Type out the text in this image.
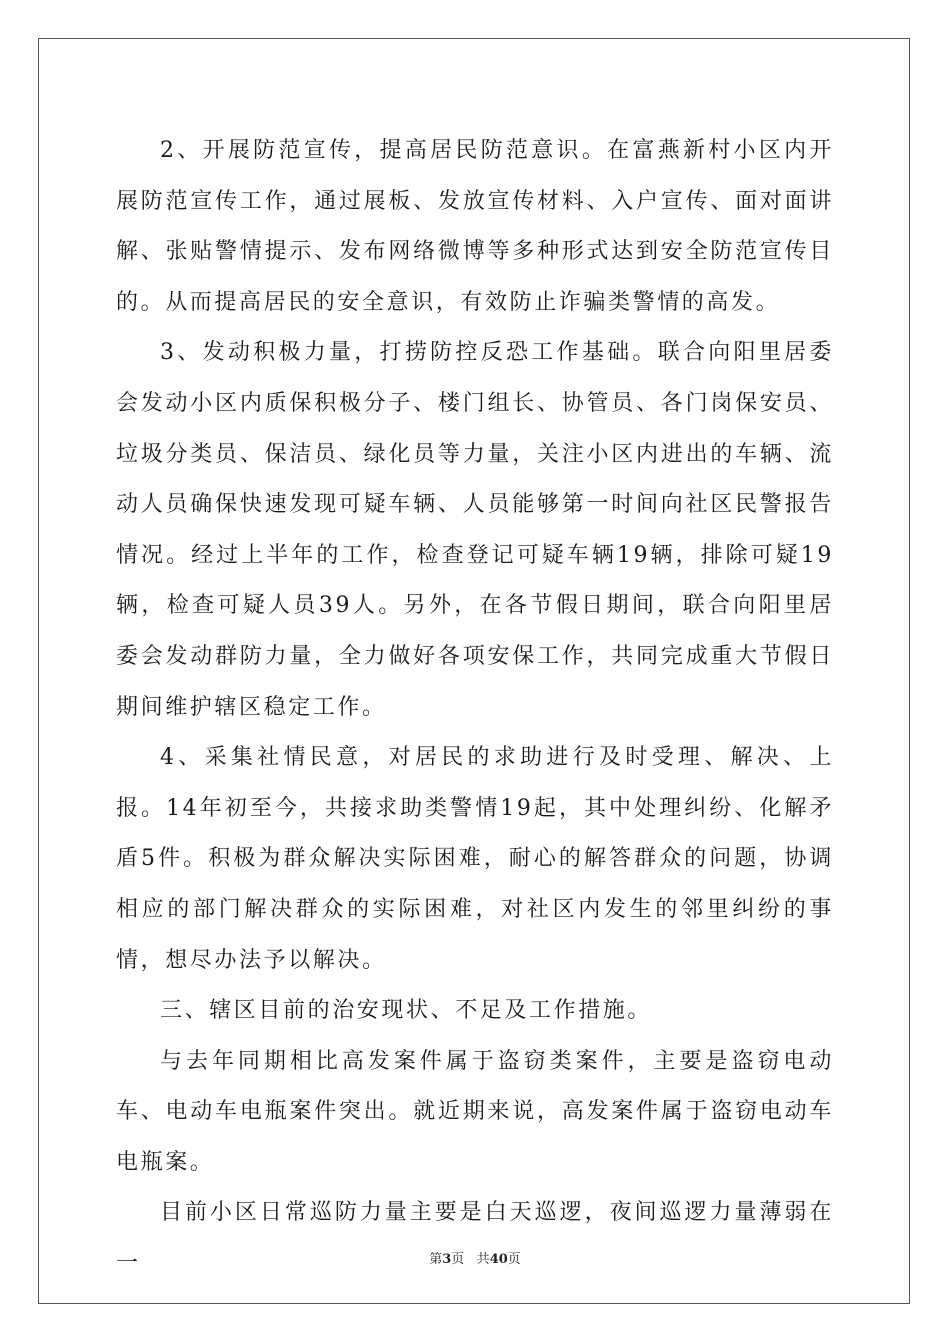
2、开展防范宣传，提高居民防范意识。在富燕新村小区内开展防范宣传工作，通过展板、发放宣传材料、入户宣传、面对面讲解、张贴警情提示、发布网络微博等多种形式达到安全防范宣传目的。从而提高居民的安全意识，有效防止诈骗类警情的高发。

3、发动积极力量，打捞防控反恐工作基础。联合向阳里居委会发动小区内质保积极分子、楼门组长、协管员、各门岗保安员、垃圾分类员、保洁员、绿化员等力量，关注小区内进出的车辆、流动人员确保快速发现可疑车辆、人员能够第一时间向社区民警报告情况。经过上半年的工作，检查登记可疑车辆19辆，排除可疑19辆，检查可疑人员39人。另外，在各节假日期间，联合向阳里居委会发动群防力量，全力做好各项安保工作，共同完成重大节假日期间维护辖区稳定工作。

4、采集社情民意，对居民的求助进行及时受理、解决、上报。14年初至今，共接求助类警情19起，其中处理纠纷、化解矛盾5件。积极为群众解决实际困难，耐心的解答群众的问题，协调相应的部门解决群众的实际困难，对社区内发生的邻里纠纷的事情，想尽办法予以解决。

三、辖区目前的治安现状、不足及工作措施。

与去年同期相比高发案件属于盗窃类案件，主要是盗窃电动车、电动车电瓶案件突出。就近期来说，高发案件属于盗窃电动车电瓶案。

目前小区日常巡防力量主要是白天巡逻，夜间巡逻力量薄弱在一	第3页 共40页
